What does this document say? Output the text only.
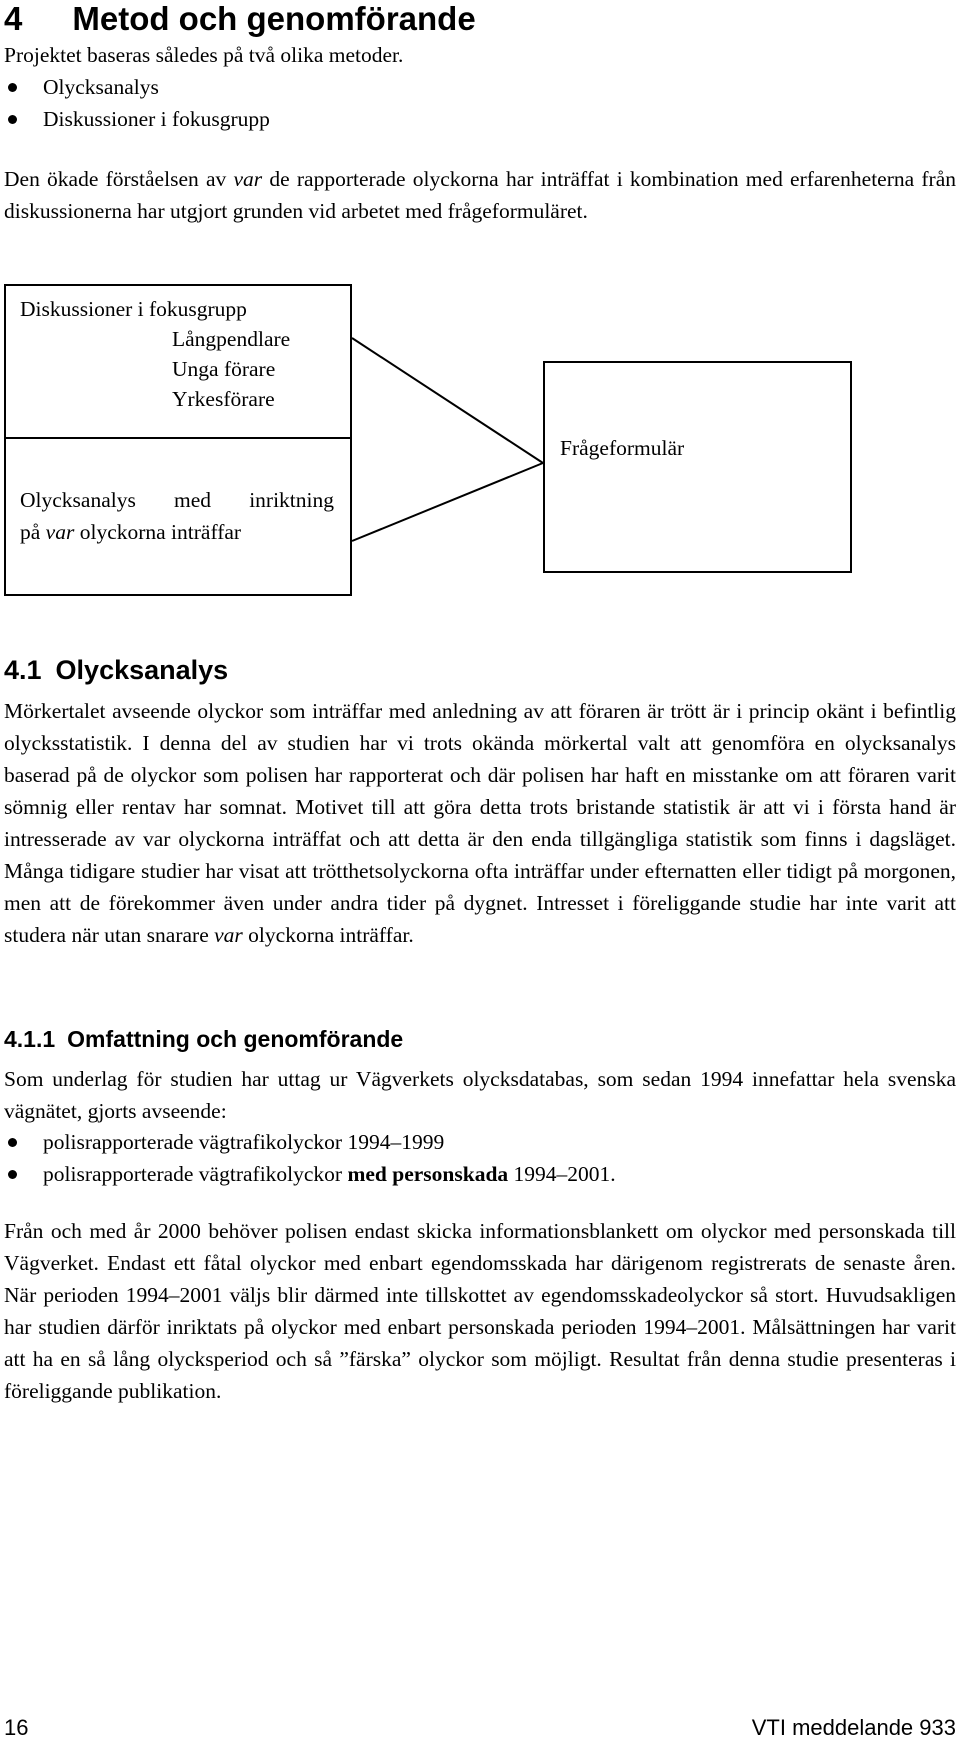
4 Metod och genomförande
Projektet baseras således på två olika metoder.
Olycksanalys
Diskussioner i fokusgrupp
Den ökade förståelsen av var de rapporterade olyckorna har inträffat i kombination med erfarenheterna från diskussionerna har utgjort grunden vid arbetet med frågeformuläret.
Diskussioner i fokusgrupp
Långpendlare
Unga förare
Yrkesförare
Olycksanalys med inriktning
på var olyckorna inträffar
Frågeformulär
4.1 Olycksanalys
Mörkertalet avseende olyckor som inträffar med anledning av att föraren är trött är i princip okänt i befintlig olycksstatistik. I denna del av studien har vi trots okända mörkertal valt att genomföra en olycksanalys baserad på de olyckor som polisen har rapporterat och där polisen har haft en misstanke om att föraren varit sömnig eller rentav har somnat. Motivet till att göra detta trots bristande statistik är att vi i första hand är intresserade av var olyckorna inträffat och att detta är den enda tillgängliga statistik som finns i dagsläget. Många tidigare studier har visat att trötthetsolyckorna ofta inträffar under efternatten eller tidigt på morgonen, men att de förekommer även under andra tider på dygnet. Intresset i föreliggande studie har inte varit att studera när utan snarare var olyckorna inträffar.
4.1.1 Omfattning och genomförande
Som underlag för studien har uttag ur Vägverkets olycksdatabas, som sedan 1994 innefattar hela svenska vägnätet, gjorts avseende:
polisrapporterade vägtrafikolyckor 1994–1999
polisrapporterade vägtrafikolyckor med personskada 1994–2001.
Från och med år 2000 behöver polisen endast skicka informationsblankett om olyckor med personskada till Vägverket. Endast ett fåtal olyckor med enbart egendomsskada har därigenom registrerats de senaste åren. När perioden 1994–2001 väljs blir därmed inte tillskottet av egendomsskadeolyckor så stort. Huvudsakligen har studien därför inriktats på olyckor med enbart personskada perioden 1994–2001. Målsättningen har varit att ha en så lång olycksperiod och så ”färska” olyckor som möjligt. Resultat från denna studie presenteras i föreliggande publikation.
16	VTI meddelande 933
